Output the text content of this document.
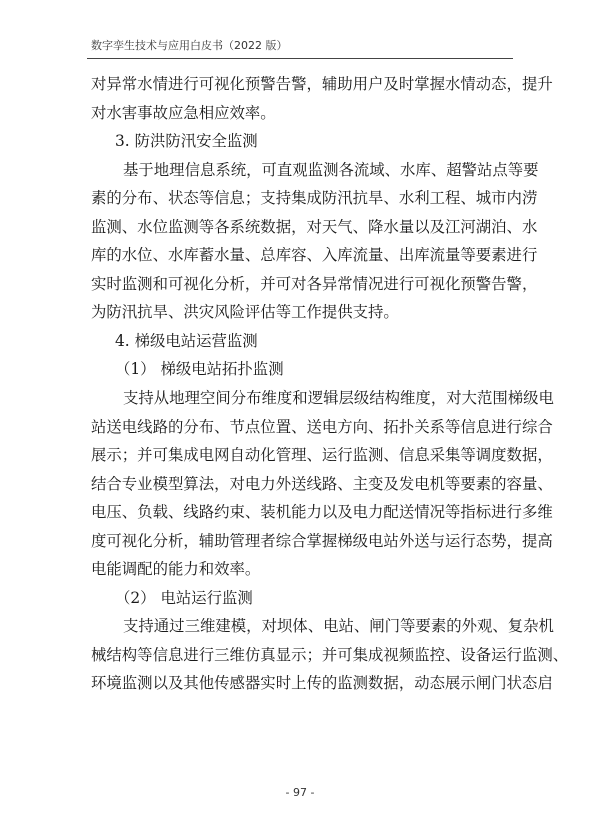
数字孪生技术与应用白皮书（2022 版）
对异常水情进行可视化预警告警，辅助用户及时掌握水情动态，提升
对水害事故应急相应效率。
3. 防洪防汛安全监测
基于地理信息系统，可直观监测各流域、水库、超警站点等要
素的分布、状态等信息；支持集成防汛抗旱、水利工程、城市内涝
监测、水位监测等各系统数据，对天气、降水量以及江河湖泊、水
库的水位、水库蓄水量、总库容、入库流量、出库流量等要素进行
实时监测和可视化分析，并可对各异常情况进行可视化预警告警，
为防汛抗旱、洪灾风险评估等工作提供支持。
4. 梯级电站运营监测
（1） 梯级电站拓扑监测
支持从地理空间分布维度和逻辑层级结构维度，对大范围梯级电
站送电线路的分布、节点位置、送电方向、拓扑关系等信息进行综合
展示；并可集成电网自动化管理、运行监测、信息采集等调度数据，
结合专业模型算法，对电力外送线路、主变及发电机等要素的容量、
电压、负载、线路约束、装机能力以及电力配送情况等指标进行多维
度可视化分析，辅助管理者综合掌握梯级电站外送与运行态势，提高
电能调配的能力和效率。
（2） 电站运行监测
支持通过三维建模，对坝体、电站、闸门等要素的外观、复杂机
械结构等信息进行三维仿真显示；并可集成视频监控、设备运行监测、
环境监测以及其他传感器实时上传的监测数据，动态展示闸门状态启
- 97 -
